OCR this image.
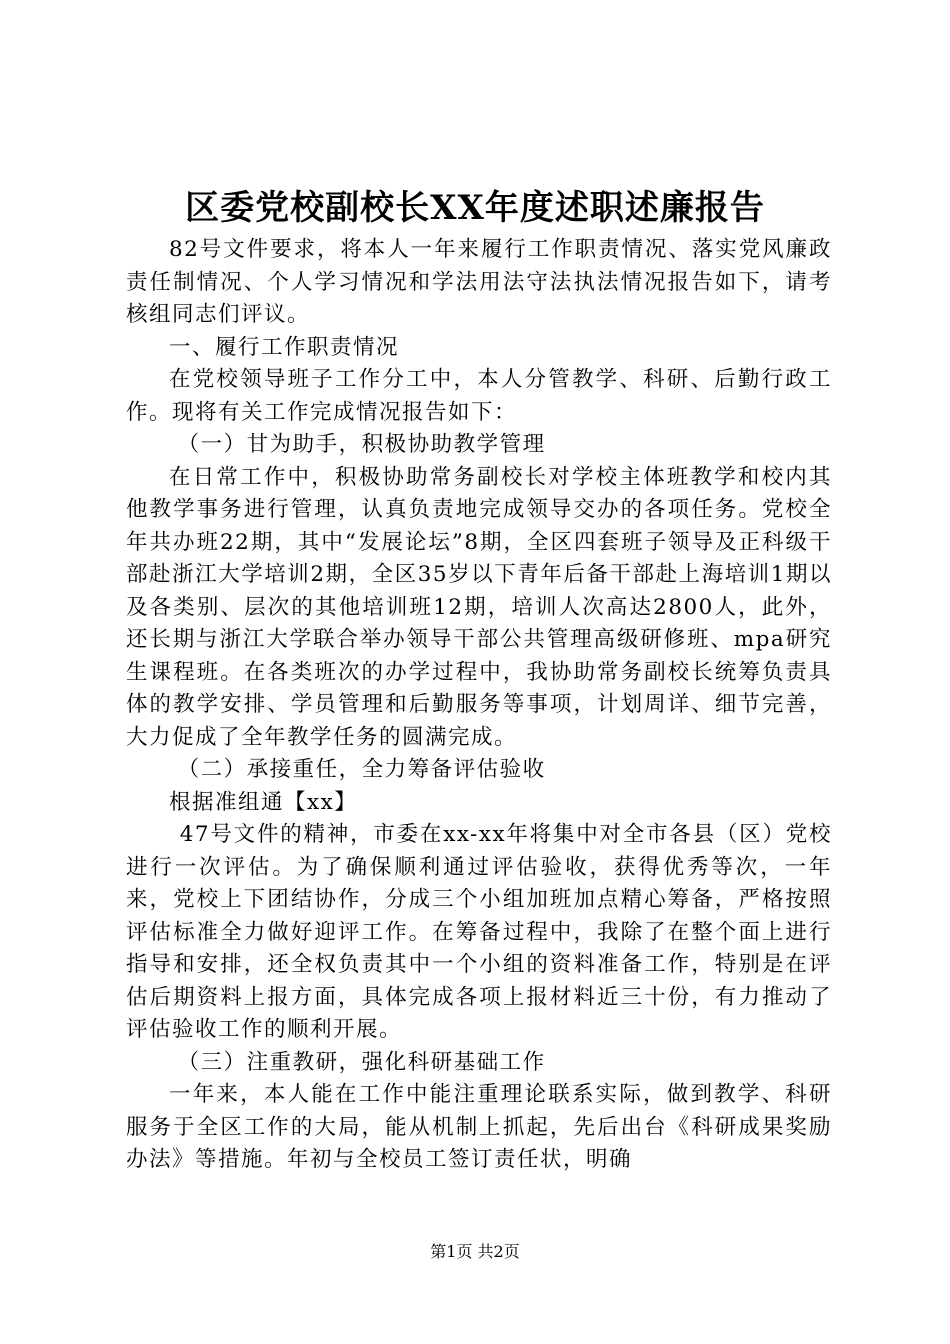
区委党校副校长XX年度述职述廉报告

82号文件要求，将本人一年来履行工作职责情况、落实党风廉政责任制情况、个人学习情况和学法用法守法执法情况报告如下，请考核组同志们评议。

一、履行工作职责情况

在党校领导班子工作分工中，本人分管教学、科研、后勤行政工作。现将有关工作完成情况报告如下：

（一）甘为助手，积极协助教学管理

在日常工作中，积极协助常务副校长对学校主体班教学和校内其他教学事务进行管理，认真负责地完成领导交办的各项任务。党校全年共办班22期，其中“发展论坛”8期，全区四套班子领导及正科级干部赴浙江大学培训2期，全区35岁以下青年后备干部赴上海培训1期以及各类别、层次的其他培训班12期，培训人次高达2800人，此外，还长期与浙江大学联合举办领导干部公共管理高级研修班、mpa研究生课程班。在各类班次的办学过程中，我协助常务副校长统筹负责具体的教学安排、学员管理和后勤服务等事项，计划周详、细节完善，大力促成了全年教学任务的圆满完成。

（二）承接重任，全力筹备评估验收

根据准组通【xx】

47号文件的精神，市委在xx-xx年将集中对全市各县（区）党校进行一次评估。为了确保顺利通过评估验收，获得优秀等次，一年来，党校上下团结协作，分成三个小组加班加点精心筹备，严格按照评估标准全力做好迎评工作。在筹备过程中，我除了在整个面上进行指导和安排，还全权负责其中一个小组的资料准备工作，特别是在评估后期资料上报方面，具体完成各项上报材料近三十份，有力推动了评估验收工作的顺利开展。

（三）注重教研，强化科研基础工作

一年来，本人能在工作中能注重理论联系实际，做到教学、科研服务于全区工作的大局，能从机制上抓起，先后出台《科研成果奖励办法》等措施。年初与全校员工签订责任状，明确

第1页 共2页
